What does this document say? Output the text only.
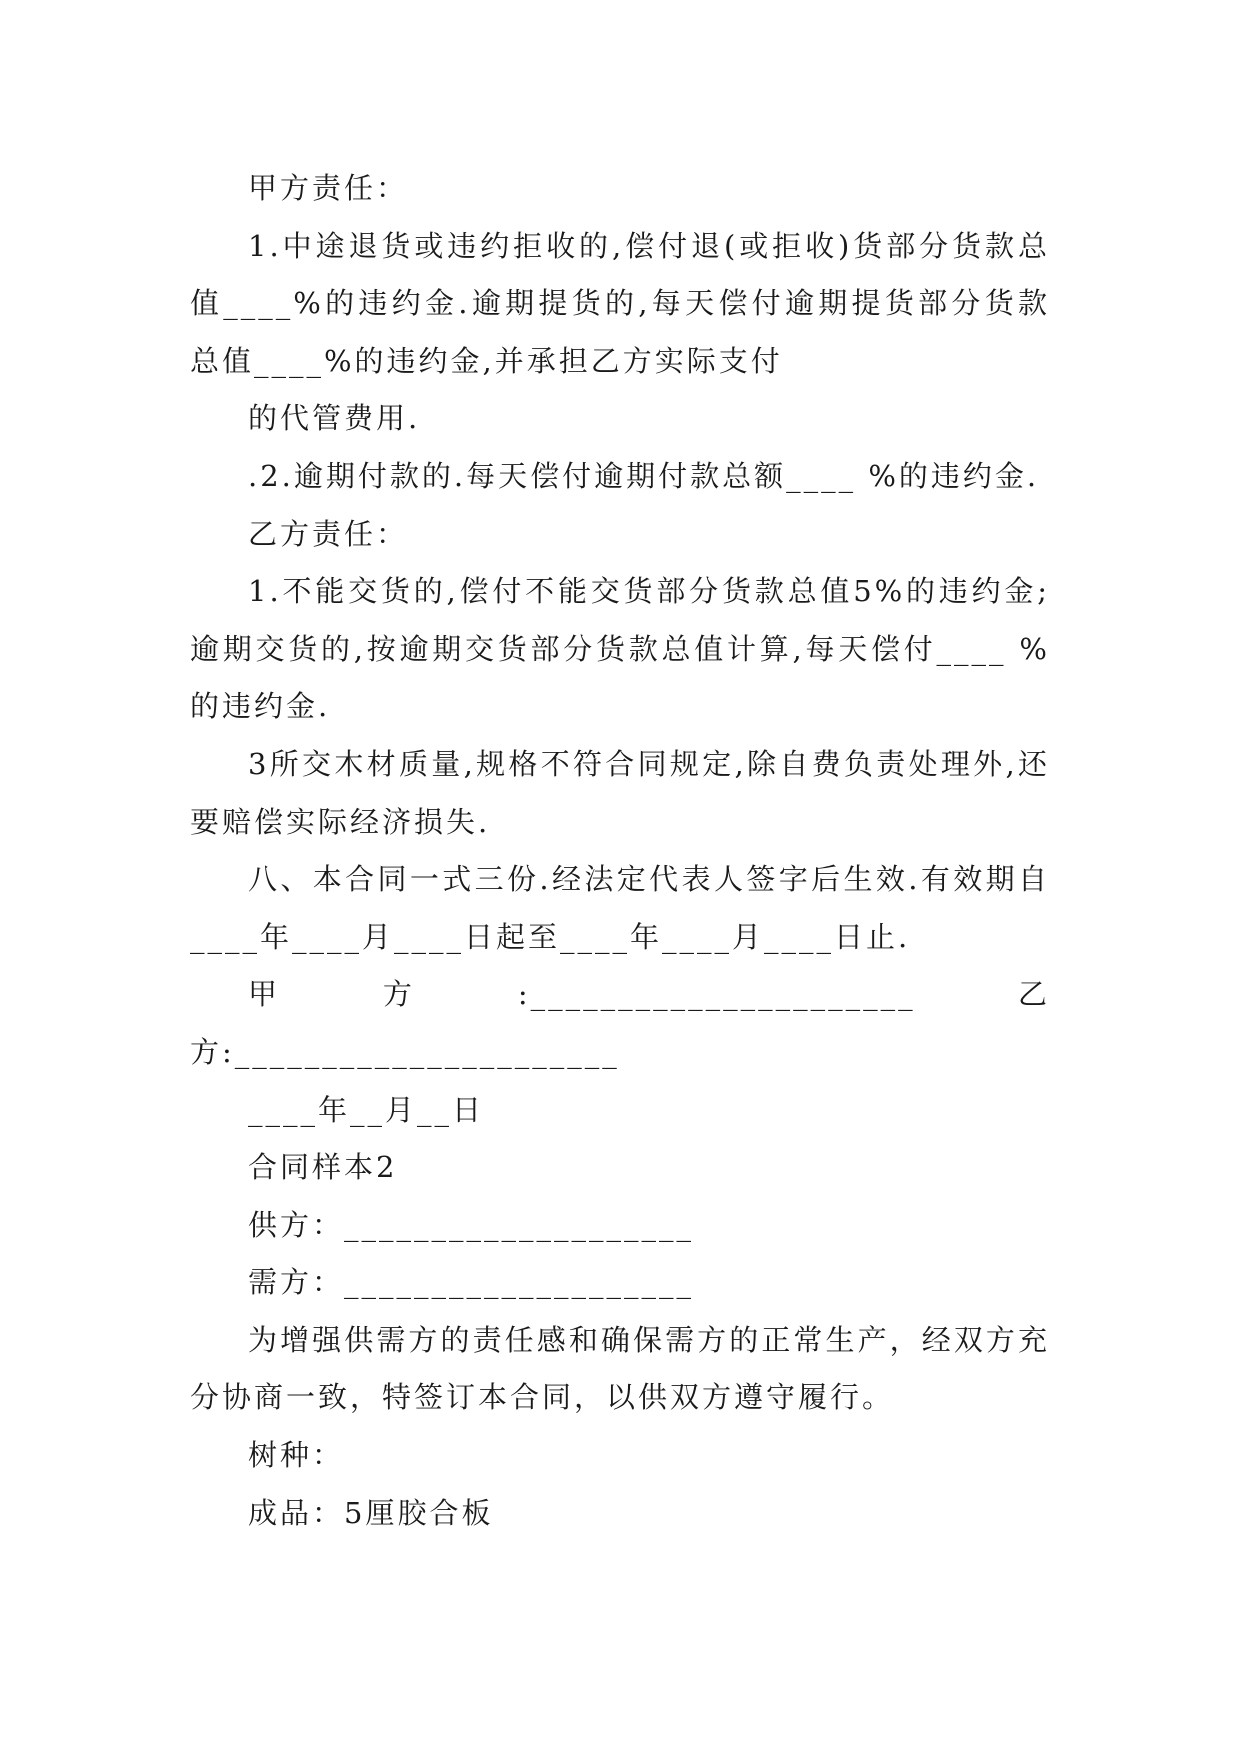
甲方责任：

1.中途退货或违约拒收的,偿付退(或拒收)货部分货款总值____%的违约金.逾期提货的,每天偿付逾期提货部分货款总值____%的违约金,并承担乙方实际支付

的代管费用.

.2.逾期付款的.每天偿付逾期付款总额____ %的违约金.

乙方责任：

1.不能交货的,偿付不能交货部分货款总值5%的违约金;逾期交货的,按逾期交货部分货款总值计算,每天偿付____ %的违约金.

3所交木材质量,规格不符合同规定,除自费负责处理外,还要赔偿实际经济损失.

八、本合同一式三份.经法定代表人签字后生效.有效期自____年____月____日起至____年____月____日止.

甲        方        :______________________        乙方:______________________

____年__月__日

合同样本2

供方：____________________

需方：____________________

为增强供需方的责任感和确保需方的正常生产，经双方充分协商一致，特签订本合同，以供双方遵守履行。

树种：

成品：5厘胶合板
